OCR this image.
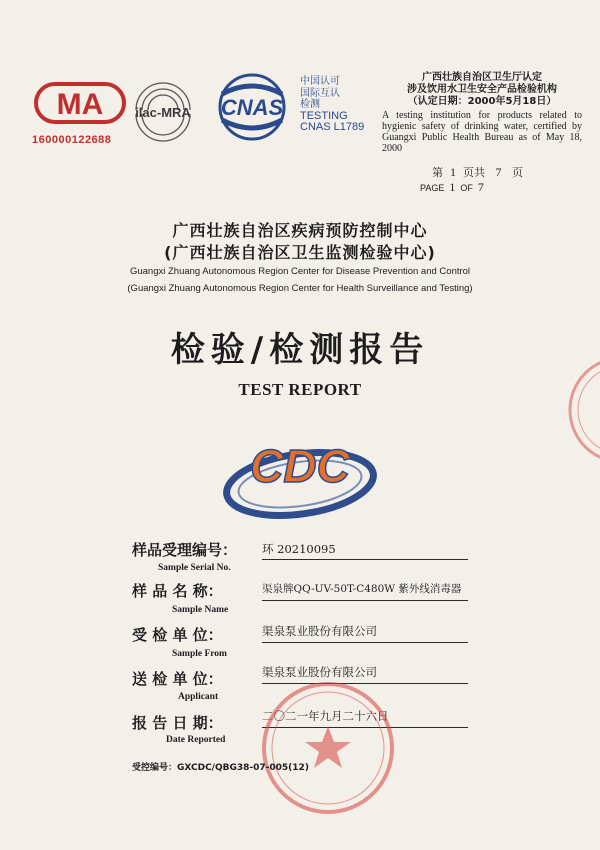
MA
160000122688
ilac-MRA CNAS
中国认可
国际互认
检测
TESTING
CNAS L1789
广西壮族自治区卫生厅认定
涉及饮用水卫生安全产品检验机构
（认定日期：2000年5月18日）
A testing institution for products related to hygienic safety of drinking water, certified by Guangxi Public Health Bureau as of May 18, 2000
第 1 页共 7 页
PAGE 1 OF 7
广西壮族自治区疾病预防控制中心
(广西壮族自治区卫生监测检验中心)
Guangxi Zhuang Autonomous Region Center for Disease Prevention and Control
(Guangxi Zhuang Autonomous Region Center for Health Surveillance and Testing)
检验/检测报告
TEST REPORT
CDC
样品受理编号： 环 20210095
Sample Serial No.
样 品 名 称：	渠泉牌QQ-UV-50T-C480W 紫外线消毒器
Sample Name
受 检 单 位：	渠泉泵业股份有限公司
Sample From
送 检 单 位：	渠泉泵业股份有限公司
Applicant
报 告 日 期：	二〇二一年九月二十六日
Date Reported
受控编号：GXCDC/QBG38-07-005(12)
